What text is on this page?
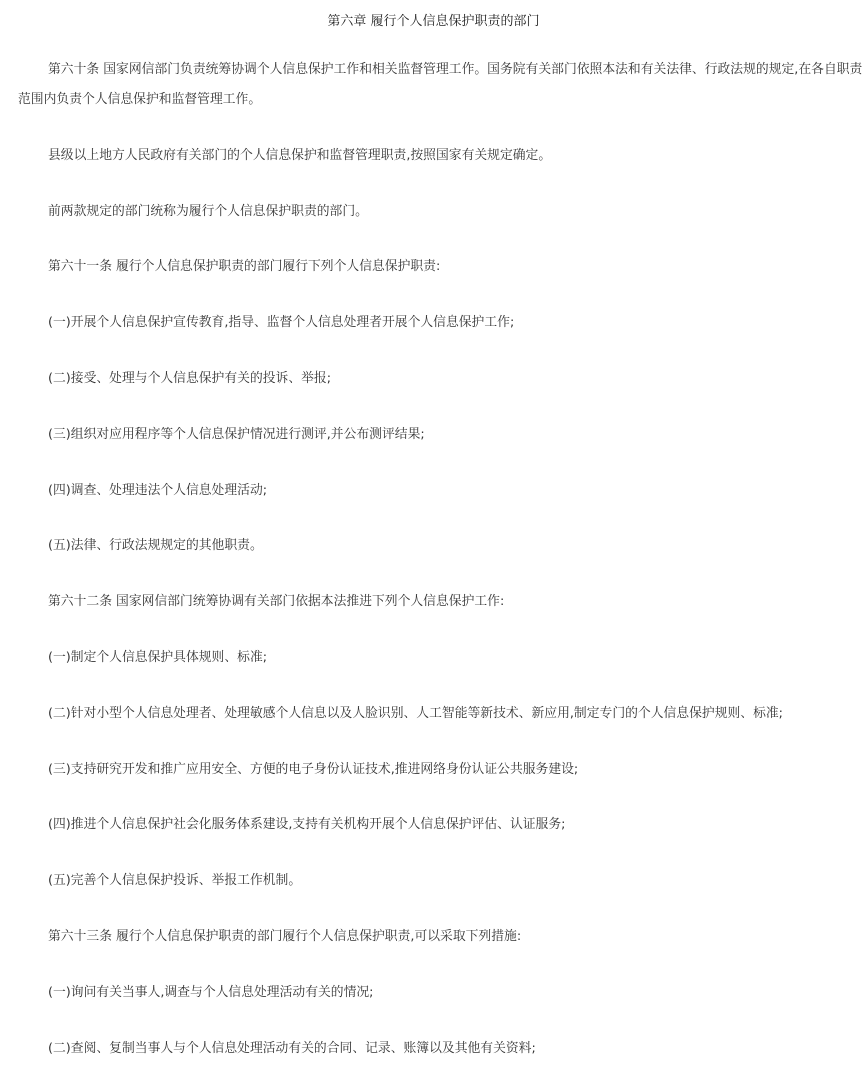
第六章 履行个人信息保护职责的部门

第六十条 国家网信部门负责统筹协调个人信息保护工作和相关监督管理工作。国务院有关部门依照本法和有关法律、行政法规的规定,在各自职责范围内负责个人信息保护和监督管理工作。

县级以上地方人民政府有关部门的个人信息保护和监督管理职责,按照国家有关规定确定。

前两款规定的部门统称为履行个人信息保护职责的部门。

第六十一条 履行个人信息保护职责的部门履行下列个人信息保护职责:

(一)开展个人信息保护宣传教育,指导、监督个人信息处理者开展个人信息保护工作;

(二)接受、处理与个人信息保护有关的投诉、举报;

(三)组织对应用程序等个人信息保护情况进行测评,并公布测评结果;

(四)调查、处理违法个人信息处理活动;

(五)法律、行政法规规定的其他职责。

第六十二条 国家网信部门统筹协调有关部门依据本法推进下列个人信息保护工作:

(一)制定个人信息保护具体规则、标准;

(二)针对小型个人信息处理者、处理敏感个人信息以及人脸识别、人工智能等新技术、新应用,制定专门的个人信息保护规则、标准;

(三)支持研究开发和推广应用安全、方便的电子身份认证技术,推进网络身份认证公共服务建设;

(四)推进个人信息保护社会化服务体系建设,支持有关机构开展个人信息保护评估、认证服务;

(五)完善个人信息保护投诉、举报工作机制。

第六十三条 履行个人信息保护职责的部门履行个人信息保护职责,可以采取下列措施:

(一)询问有关当事人,调查与个人信息处理活动有关的情况;

(二)查阅、复制当事人与个人信息处理活动有关的合同、记录、账簿以及其他有关资料;
